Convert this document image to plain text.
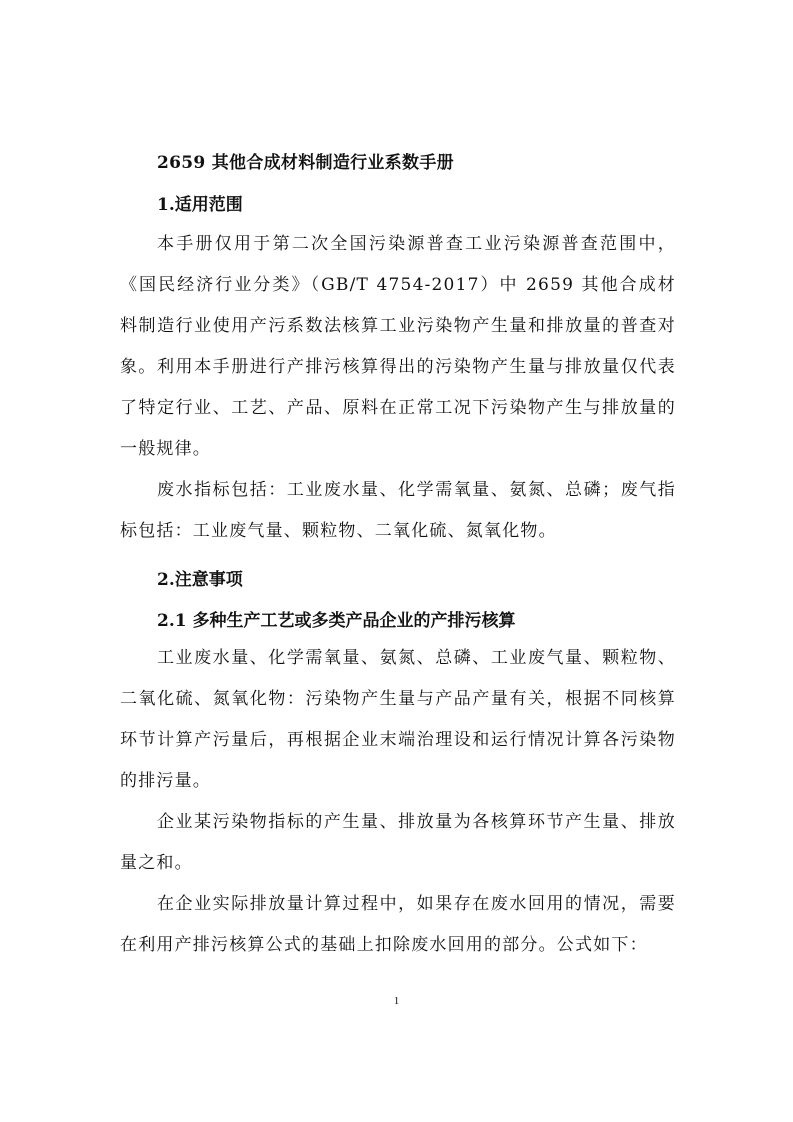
2659 其他合成材料制造行业系数手册
1.适用范围

本手册仅用于第二次全国污染源普查工业污染源普查范围中，《国民经济行业分类》（GB/T 4754-2017）中 2659 其他合成材料制造行业使用产污系数法核算工业污染物产生量和排放量的普查对象。 利用本手册进行产排污核算得出的污染物产生量与排放量仅代表了特定行业、工艺、产品、原料在正常工况下污染物产生与排放量的一般规律。

废水指标包括：工业废水量、化学需氧量、氨氮、总磷；废气指标包括：工业废气量、颗粒物、二氧化硫、氮氧化物。

2.注意事项
2.1 多种生产工艺或多类产品企业的产排污核算

工业废水量、化学需氧量、氨氮、总磷、工业废气量、颗粒物、二氧化硫、氮氧化物：污染物产生量与产品产量有关，根据不同核算环节计算产污量后，再根据企业末端治理设和运行情况计算各污染物的排污量。

企业某污染物指标的产生量、排放量为各核算环节产生量、排放量之和。

在企业实际排放量计算过程中，如果存在废水回用的情况，需要在利用产排污核算公式的基础上扣除废水回用的部分。公式如下：

1
